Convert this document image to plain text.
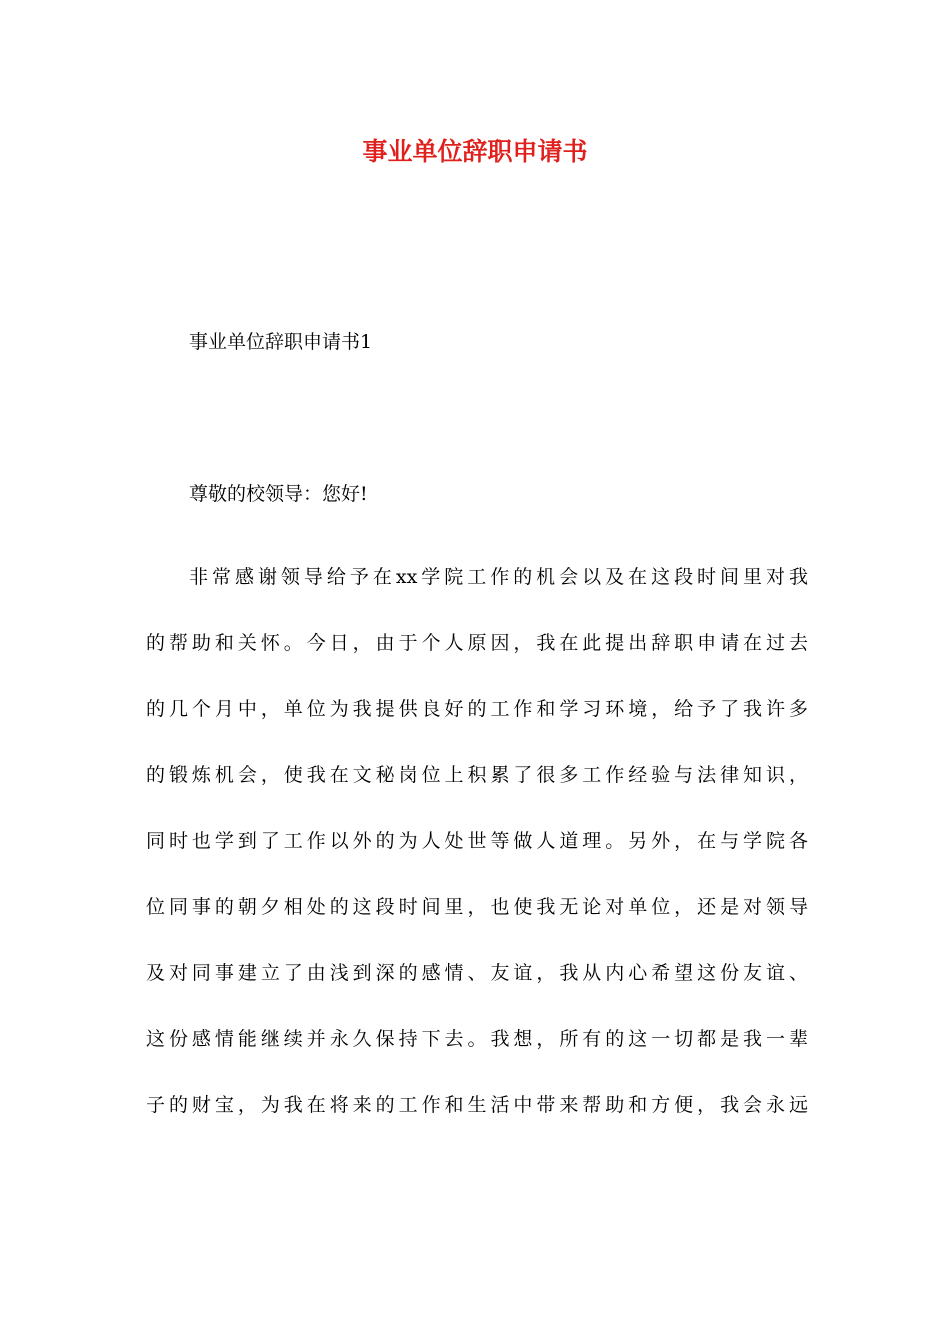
事业单位辞职申请书
事业单位辞职申请书1
尊敬的校领导：您好!
非常感谢领导给予在xx学院工作的机会以及在这段时间里对我
的帮助和关怀。今日，由于个人原因，我在此提出辞职申请在过去
的几个月中，单位为我提供良好的工作和学习环境，给予了我许多
的锻炼机会，使我在文秘岗位上积累了很多工作经验与法律知识，
同时也学到了工作以外的为人处世等做人道理。另外，在与学院各
位同事的朝夕相处的这段时间里，也使我无论对单位，还是对领导
及对同事建立了由浅到深的感情、友谊，我从内心希望这份友谊、
这份感情能继续并永久保持下去。我想，所有的这一切都是我一辈
子的财宝，为我在将来的工作和生活中带来帮助和方便，我会永远
